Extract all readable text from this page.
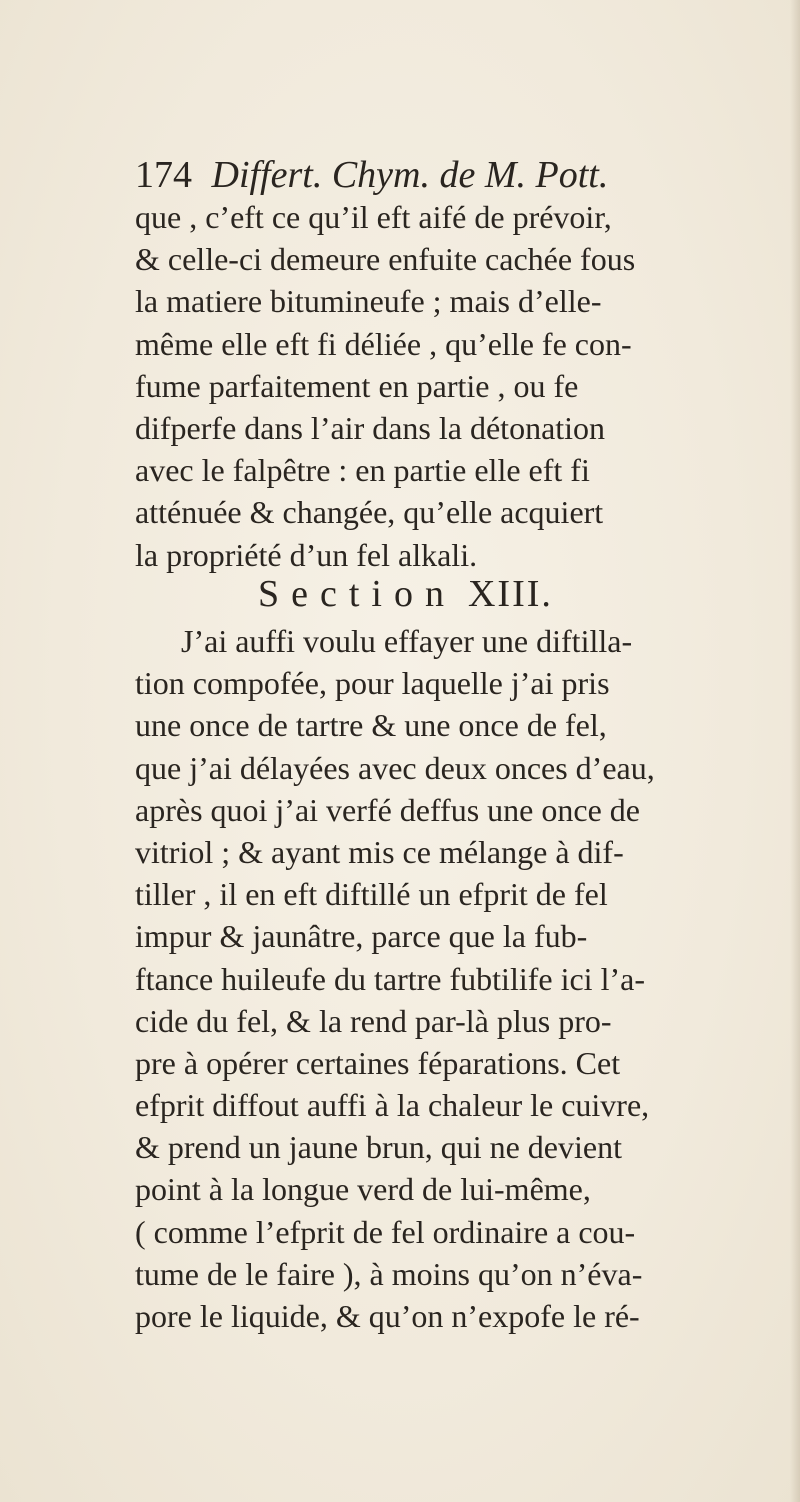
174 Differt. Chym. de M. Pott.
que , c’eft ce qu’il eft aifé de prévoir,
& celle-ci demeure enfuite cachée fous
la matiere bitumineufe ; mais d’elle-
même elle eft fi déliée , qu’elle fe con-
fume parfaitement en partie , ou fe
difperfe dans l’air dans la détonation
avec le falpêtre : en partie elle eft fi
atténuée & changée, qu’elle acquiert
la propriété d’un fel alkali.
Section XIII.
J’ai auffi voulu effayer une diftilla-
tion compofée, pour laquelle j’ai pris
une once de tartre & une once de fel,
que j’ai délayées avec deux onces d’eau,
après quoi j’ai verfé deffus une once de
vitriol ; & ayant mis ce mélange à dif-
tiller , il en eft diftillé un efprit de fel
impur & jaunâtre, parce que la fub-
ftance huileufe du tartre fubtilife ici l’a-
cide du fel, & la rend par-là plus pro-
pre à opérer certaines féparations. Cet
efprit diffout auffi à la chaleur le cuivre,
& prend un jaune brun, qui ne devient
point à la longue verd de lui-même,
( comme l’efprit de fel ordinaire a cou-
tume de le faire ), à moins qu’on n’éva-
pore le liquide, & qu’on n’expofe le ré-
